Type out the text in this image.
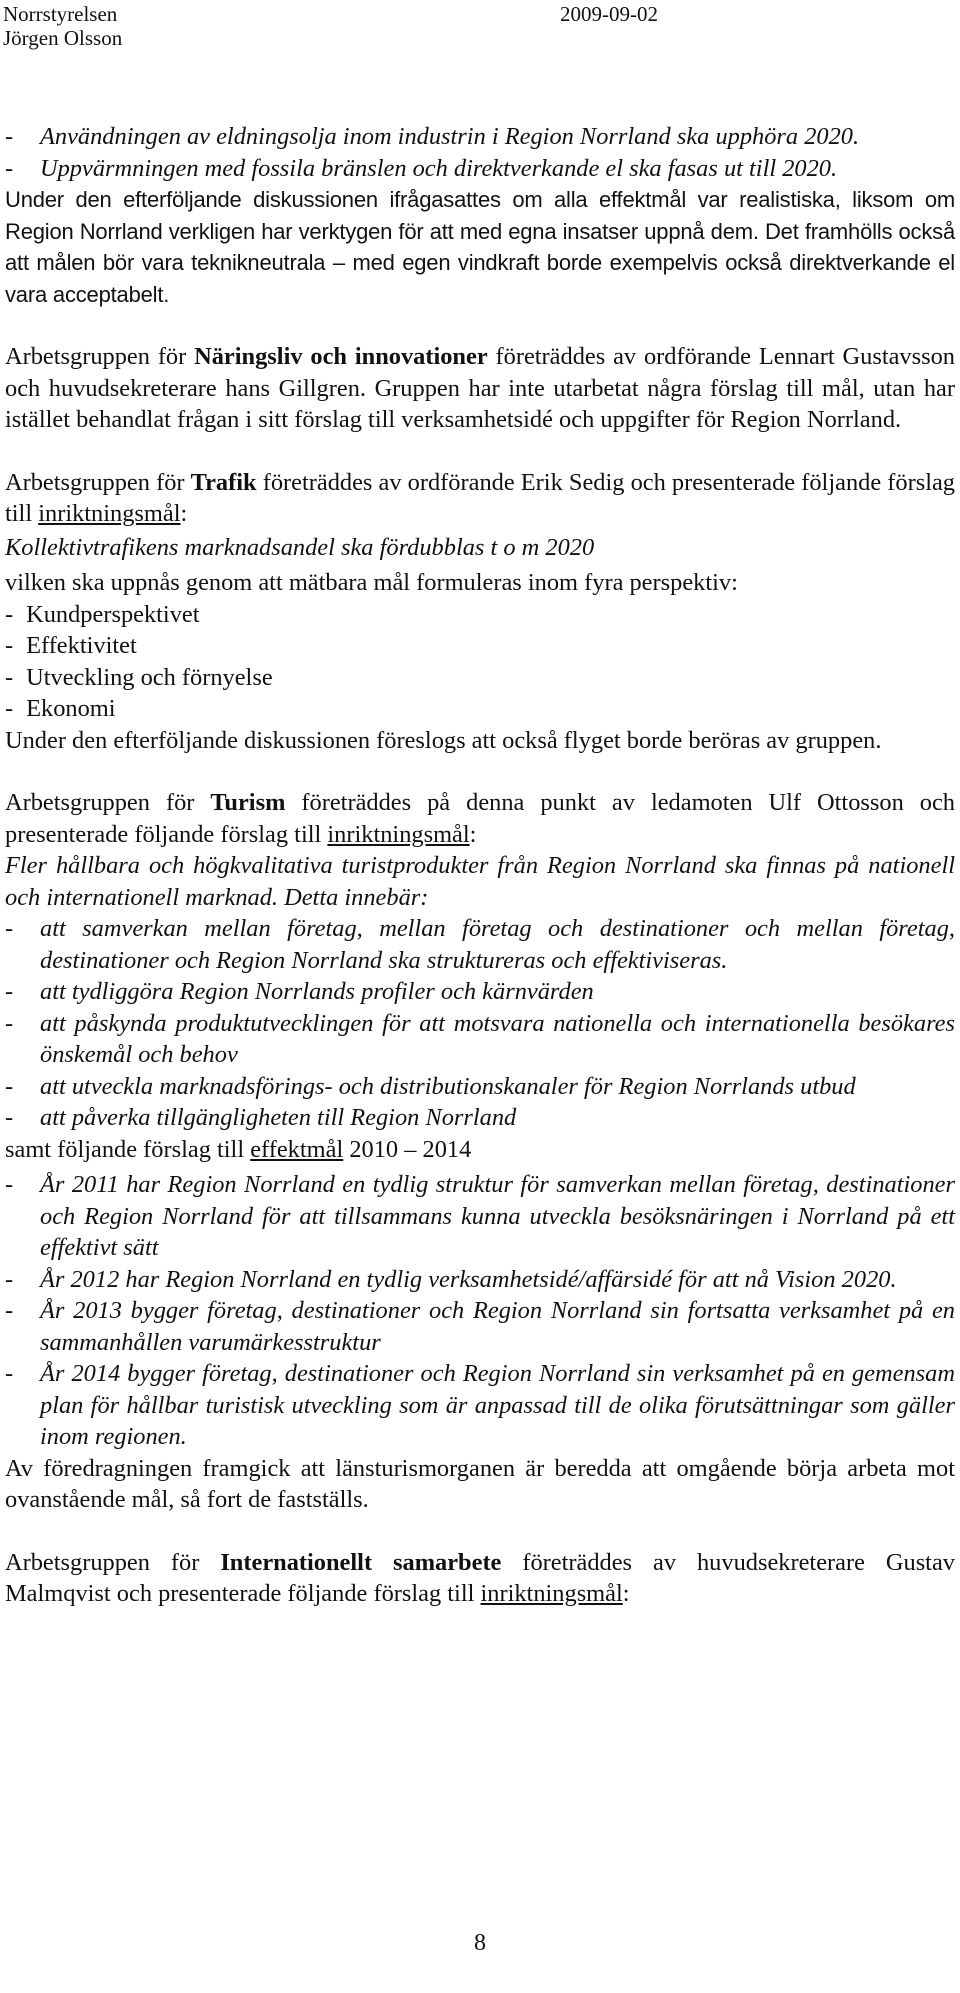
Norrstyrelsen
Jörgen Olsson
2009-09-02
- Användningen av eldningsolja inom industrin i Region Norrland ska upphöra 2020.
- Uppvärmningen med fossila bränslen och direktverkande el ska fasas ut till 2020.

Under den efterföljande diskussionen ifrågasattes om alla effektmål var realistiska, liksom om Region Norrland verkligen har verktygen för att med egna insatser uppnå dem. Det framhölls också att målen bör vara teknikneutrala – med egen vindkraft borde exempelvis också direktverkande el vara acceptabelt.

Arbetsgruppen för Näringsliv och innovationer företräddes av ordförande Lennart Gustavsson och huvudsekreterare hans Gillgren. Gruppen har inte utarbetat några förslag till mål, utan har istället behandlat frågan i sitt förslag till verksamhetsidé och uppgifter för Region Norrland.

Arbetsgruppen för Trafik företräddes av ordförande Erik Sedig och presenterade följande förslag till inriktningsmål:

Kollektivtrafikens marknadsandel ska fördubblas t o m 2020

vilken ska uppnås genom att mätbara mål formuleras inom fyra perspektiv:

- Kundperspektivet
- Effektivitet
- Utveckling och förnyelse
- Ekonomi

Under den efterföljande diskussionen föreslogs att också flyget borde beröras av gruppen.

Arbetsgruppen för Turism företräddes på denna punkt av ledamoten Ulf Ottosson och presenterade följande förslag till inriktningsmål:

Fler hållbara och högkvalitativa turistprodukter från Region Norrland ska finnas på nationell och internationell marknad. Detta innebär:

- att samverkan mellan företag, mellan företag och destinationer och mellan företag, destinationer och Region Norrland ska struktureras och effektiviseras.
- att tydliggöra Region Norrlands profiler och kärnvärden
- att påskynda produktutvecklingen för att motsvara nationella och internationella besökares önskemål och behov
- att utveckla marknadsförings- och distributionskanaler för Region Norrlands utbud
- att påverka tillgängligheten till Region Norrland

samt följande förslag till effektmål 2010 – 2014

- År 2011 har Region Norrland en tydlig struktur för samverkan mellan företag, destinationer och Region Norrland för att tillsammans kunna utveckla besöksnäringen i Norrland på ett effektivt sätt
- År 2012 har Region Norrland en tydlig verksamhetsidé/affärsidé för att nå Vision 2020.
- År 2013 bygger företag, destinationer och Region Norrland sin fortsatta verksamhet på en sammanhållen varumärkesstruktur
- År 2014 bygger företag, destinationer och Region Norrland sin verksamhet på en gemensam plan för hållbar turistisk utveckling som är anpassad till de olika förutsättningar som gäller inom regionen.

Av föredragningen framgick att länsturismorganen är beredda att omgående börja arbeta mot ovanstående mål, så fort de fastställs.

Arbetsgruppen för Internationellt samarbete företräddes av huvudsekreterare Gustav Malmqvist och presenterade följande förslag till inriktningsmål:

8
